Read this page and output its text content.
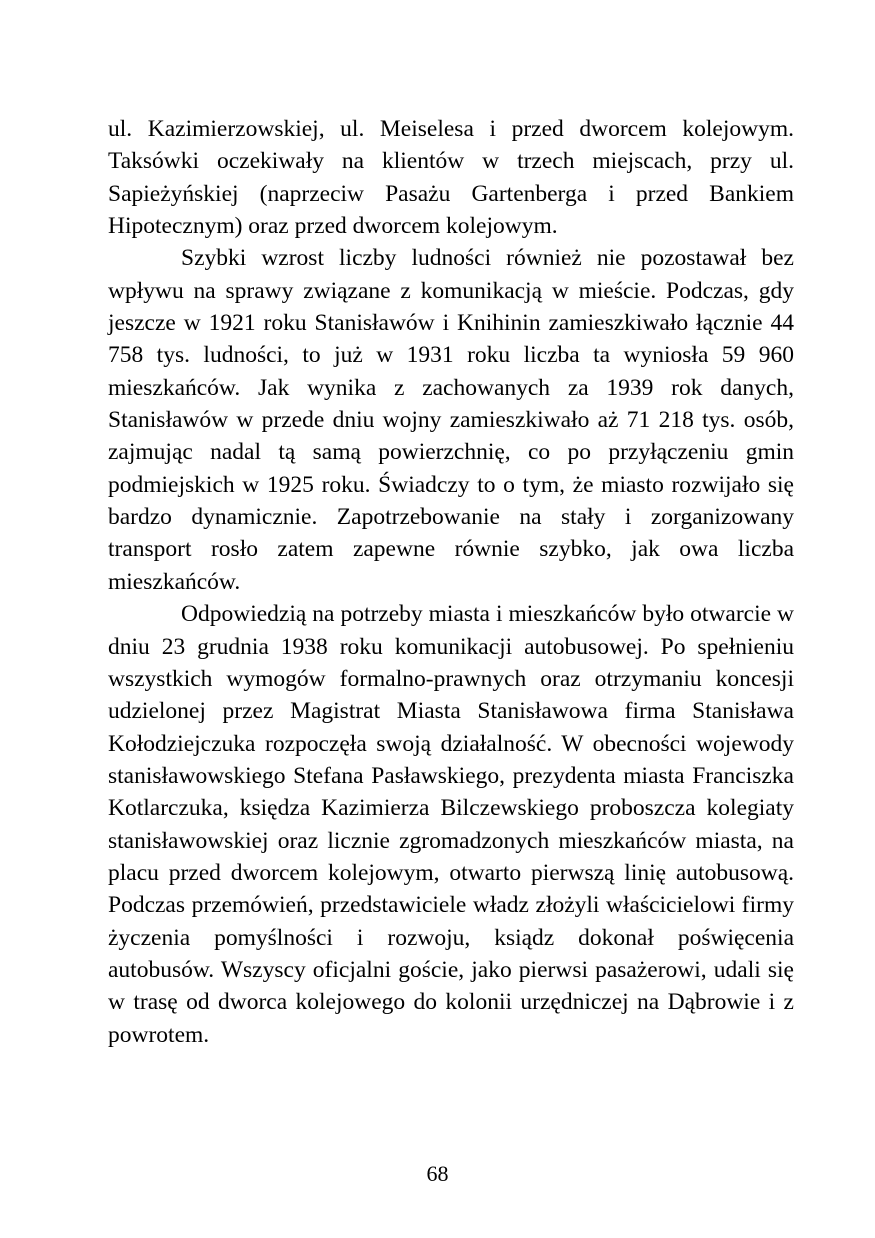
ul. Kazimierzowskiej, ul. Meiselesa i przed dworcem kolejowym. Taksówki oczekiwały na klientów w trzech miejscach, przy ul. Sapieżyńskiej (naprzeciw Pasażu Gartenberga i przed Bankiem Hipotecznym) oraz przed dworcem kolejowym.

Szybki wzrost liczby ludności również nie pozostawał bez wpływu na sprawy związane z komunikacją w mieście. Podczas, gdy jeszcze w 1921 roku Stanisławów i Knihinin zamieszkiwało łącznie 44 758 tys. ludności, to już w 1931 roku liczba ta wyniosła 59 960 mieszkańców. Jak wynika z zachowanych za 1939 rok danych, Stanisławów w przede dniu wojny zamieszkiwało aż 71 218 tys. osób, zajmując nadal tą samą powierzchnię, co po przyłączeniu gmin podmiejskich w 1925 roku. Świadczy to o tym, że miasto rozwijało się bardzo dynamicznie. Zapotrzebowanie na stały i zorganizowany transport rosło zatem zapewne równie szybko, jak owa liczba mieszkańców.

Odpowiedzią na potrzeby miasta i mieszkańców było otwarcie w dniu 23 grudnia 1938 roku komunikacji autobusowej. Po spełnieniu wszystkich wymogów formalno-prawnych oraz otrzymaniu koncesji udzielonej przez Magistrat Miasta Stanisławowa firma Stanisława Kołodziejczuka rozpoczęła swoją działalność. W obecności wojewody stanisławowskiego Stefana Pasławskiego, prezydenta miasta Franciszka Kotlarczuka, księdza Kazimierza Bilczewskiego proboszcza kolegiaty stanisławowskiej oraz licznie zgromadzonych mieszkańców miasta, na placu przed dworcem kolejowym, otwarto pierwszą linię autobusową. Podczas przemówień, przedstawiciele władz złożyli właścicielowi firmy życzenia pomyślności i rozwoju, ksiądz dokonał poświęcenia autobusów. Wszyscy oficjalni goście, jako pierwsi pasażerowi, udali się w trasę od dworca kolejowego do kolonii urzędniczej na Dąbrowie i z powrotem.

68
